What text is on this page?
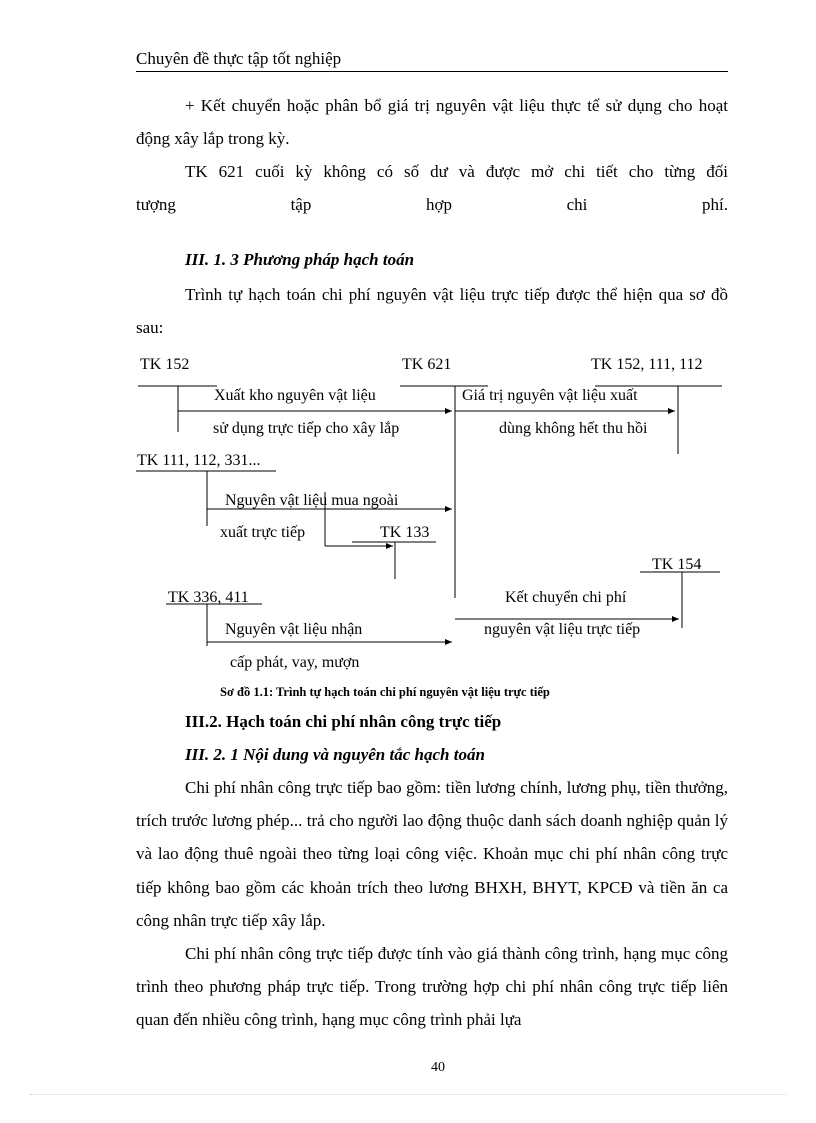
Chuyên đề thực tập tốt nghiệp
+ Kết chuyển hoặc phân bổ giá trị nguyên vật liệu thực tế sử dụng cho hoạt động xây lắp trong kỳ.
TK 621 cuối kỳ không có số dư và được mở chi tiết cho từng đối
tượng tập hợp chi phí.
III. 1. 3 Phương pháp hạch toán
Trình tự hạch toán chi phí nguyên vật liệu trực tiếp được thể hiện qua sơ đồ sau:
TK 152	TK 621	TK 152, 111, 112
Xuất kho nguyên vật liệu
sử dụng trực tiếp cho xây lắp
Giá trị nguyên vật liệu xuất
dùng không hết thu hồi
TK 111, 112, 331...
Nguyên vật liệu mua ngoài
xuất trực tiếp	TK 133
TK 154
TK 336, 411	Kết chuyển chi phí
nguyên vật liệu trực tiếp
Nguyên vật liệu nhận
cấp phát, vay, mượn
Sơ đồ 1.1: Trình tự hạch toán chi phí nguyên vật liệu trực tiếp
III.2. Hạch toán chi phí nhân công trực tiếp
III. 2. 1 Nội dung và nguyên tắc hạch toán
Chi phí nhân công trực tiếp bao gồm: tiền lương chính, lương phụ, tiền thưởng, trích trước lương phép... trả cho người lao động thuộc danh sách doanh nghiệp quản lý và lao động thuê ngoài theo từng loại công việc. Khoản mục chi phí nhân công trực tiếp không bao gồm các khoản trích theo lương BHXH, BHYT, KPCĐ và tiền ăn ca công nhân trực tiếp xây lắp.
Chi phí nhân công trực tiếp được tính vào giá thành công trình, hạng mục công trình theo phương pháp trực tiếp. Trong trường hợp chi phí nhân công trực tiếp liên quan đến nhiều công trình, hạng mục công trình phải lựa
40
